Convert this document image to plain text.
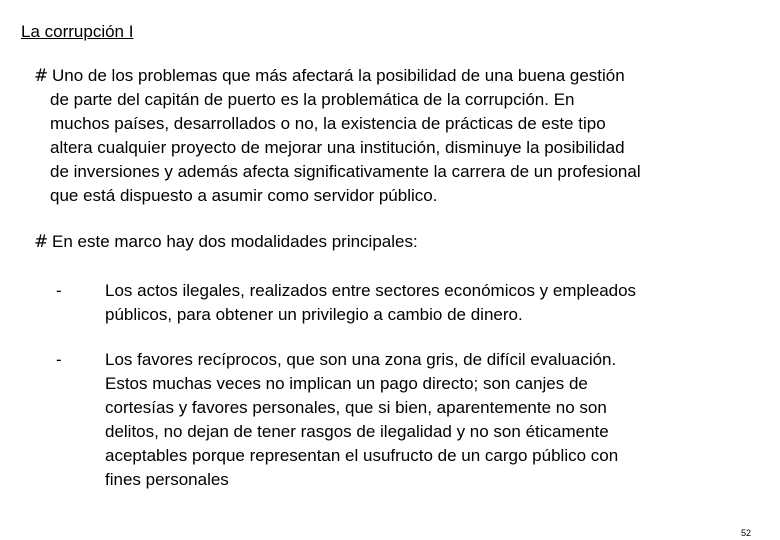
La corrupción I
# Uno de los problemas que más afectará la posibilidad de una buena gestión
de parte del capitán de puerto es la problemática de la corrupción. En
muchos países, desarrollados o no, la existencia de prácticas de este tipo
altera cualquier proyecto de mejorar una institución, disminuye la posibilidad
de inversiones y además afecta significativamente la carrera de un profesional
que está dispuesto a asumir como servidor público.
# En este marco hay dos modalidades principales:
-	Los actos ilegales, realizados entre sectores económicos y empleados
públicos, para obtener un privilegio a cambio de dinero.
-	Los favores recíprocos, que son una zona gris, de difícil evaluación.
Estos muchas veces no implican un pago directo; son canjes de
cortesías y favores personales, que si bien, aparentemente no son
delitos, no dejan de tener rasgos de ilegalidad y no son éticamente
aceptables porque representan el usufructo de un cargo público con
fines personales
52
